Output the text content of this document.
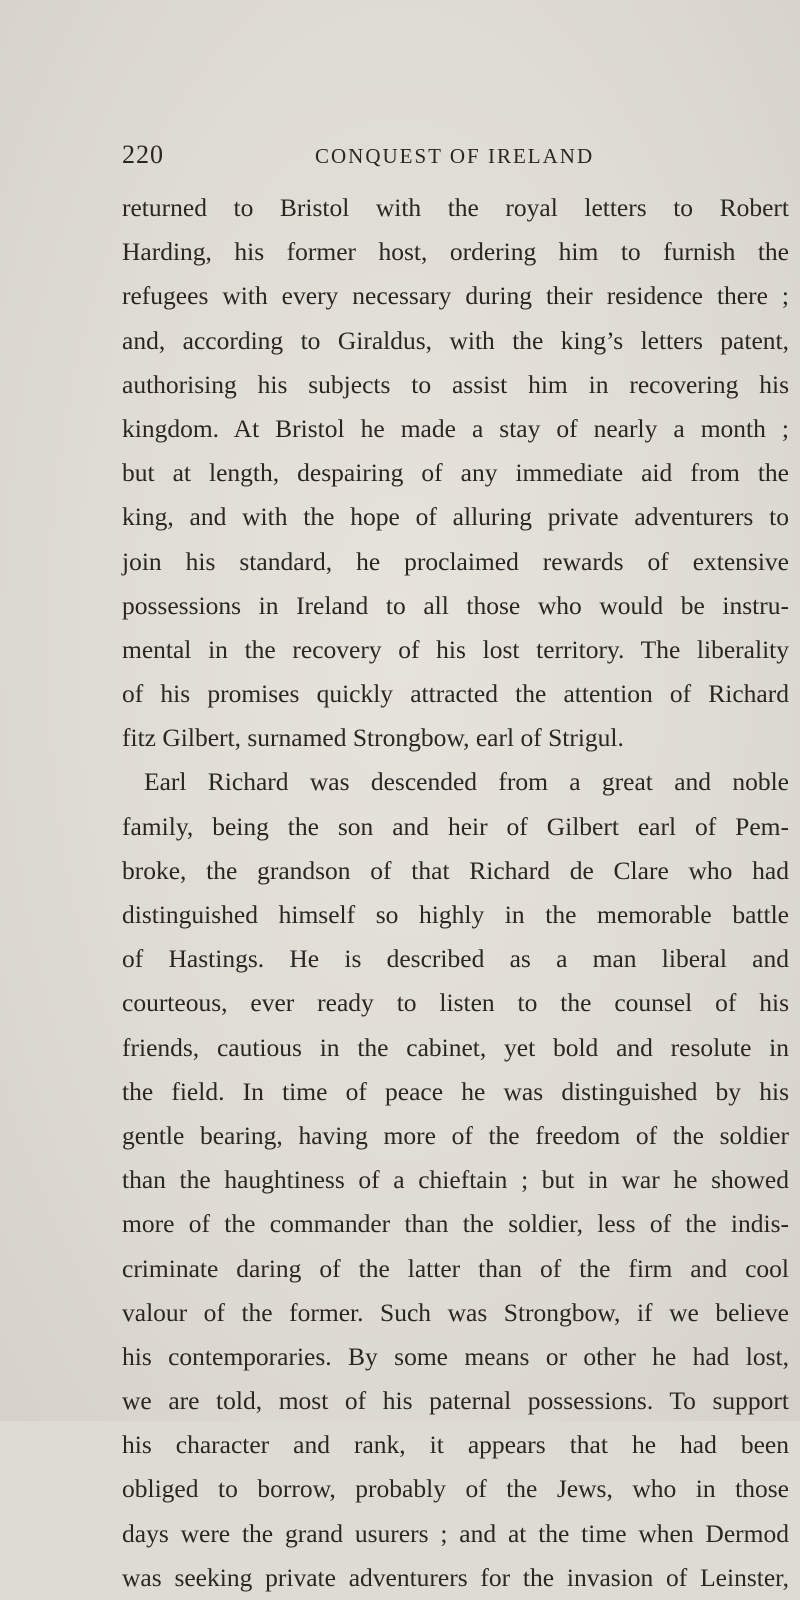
220	CONQUEST OF IRELAND
returned to Bristol with the royal letters to Robert
Harding, his former host, ordering him to furnish the
refugees with every necessary during their residence there ;
and, according to Giraldus, with the king’s letters patent,
authorising his subjects to assist him in recovering his
kingdom. At Bristol he made a stay of nearly a month ;
but at length, despairing of any immediate aid from the
king, and with the hope of alluring private adventurers to
join his standard, he proclaimed rewards of extensive
possessions in Ireland to all those who would be instru-
mental in the recovery of his lost territory. The liberality
of his promises quickly attracted the attention of Richard
fitz Gilbert, surnamed Strongbow, earl of Strigul.
Earl Richard was descended from a great and noble
family, being the son and heir of Gilbert earl of Pem-
broke, the grandson of that Richard de Clare who had
distinguished himself so highly in the memorable battle
of Hastings. He is described as a man liberal and
courteous, ever ready to listen to the counsel of his
friends, cautious in the cabinet, yet bold and resolute in
the field. In time of peace he was distinguished by his
gentle bearing, having more of the freedom of the soldier
than the haughtiness of a chieftain ; but in war he showed
more of the commander than the soldier, less of the indis-
criminate daring of the latter than of the firm and cool
valour of the former. Such was Strongbow, if we believe
his contemporaries. By some means or other he had lost,
we are told, most of his paternal possessions. To support
his character and rank, it appears that he had been
obliged to borrow, probably of the Jews, who in those
days were the grand usurers ; and at the time when Dermod
was seeking private adventurers for the invasion of Leinster,
